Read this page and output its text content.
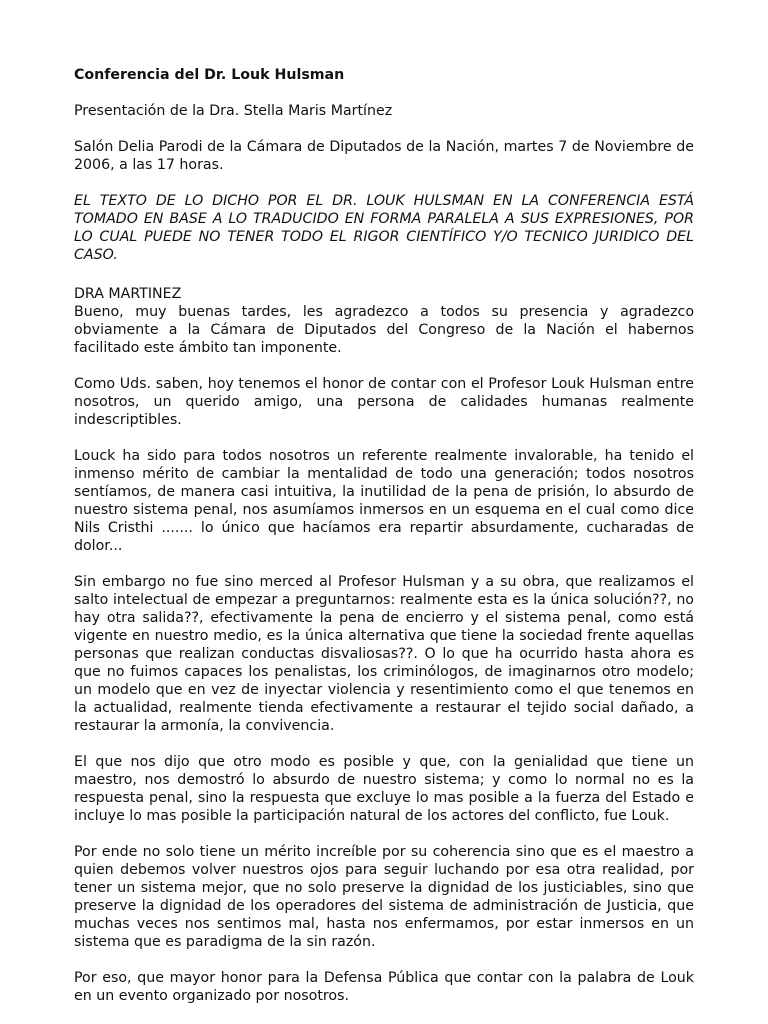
Conferencia del Dr. Louk Hulsman

Presentación de la Dra. Stella Maris Martínez

Salón Delia Parodi de la Cámara de Diputados de la Nación, martes 7 de Noviembre de 2006, a las 17 horas.

EL TEXTO DE LO DICHO POR EL DR. LOUK HULSMAN EN LA CONFERENCIA ESTÁ TOMADO EN BASE A LO TRADUCIDO EN FORMA PARALELA A SUS EXPRESIONES, POR LO CUAL PUEDE NO TENER TODO EL RIGOR CIENTÍFICO Y/O TECNICO JURIDICO DEL CASO.

DRA MARTINEZ

Bueno, muy buenas tardes, les agradezco a todos su presencia y agradezco obviamente a la Cámara de Diputados del Congreso de la Nación el habernos facilitado este ámbito tan imponente.

Como Uds. saben, hoy tenemos el honor de contar con el Profesor Louk Hulsman entre nosotros, un querido amigo, una persona de calidades humanas realmente indescriptibles.

Louck ha sido para todos nosotros un referente realmente invalorable, ha tenido el inmenso mérito de cambiar la mentalidad de todo una generación; todos nosotros sentíamos, de manera casi intuitiva, la inutilidad de la pena de prisión, lo absurdo de nuestro sistema penal, nos asumíamos inmersos en un esquema en el cual como dice Nils Cristhi ....... lo único que hacíamos era repartir absurdamente, cucharadas de dolor...

Sin embargo no fue sino merced al Profesor Hulsman y a su obra, que realizamos el salto intelectual de empezar a preguntarnos: realmente esta es la única solución??, no hay otra salida??, efectivamente la pena de encierro y el sistema penal, como está vigente en nuestro medio, es la única alternativa que tiene la sociedad frente aquellas personas que realizan conductas disvaliosas??. O lo que ha ocurrido hasta ahora es que no fuimos capaces los penalistas, los criminólogos, de imaginarnos otro modelo; un modelo que en vez de inyectar violencia y resentimiento como el que tenemos en la actualidad, realmente tienda efectivamente a restaurar el tejido social dañado, a restaurar la armonía, la convivencia.

El que nos dijo que otro modo es posible y que, con la genialidad que tiene un maestro, nos demostró lo absurdo de nuestro sistema; y como lo normal no es la respuesta penal, sino la respuesta que excluye lo mas posible a la fuerza del Estado e incluye lo mas posible la participación natural de los actores del conflicto, fue Louk.

Por ende no solo tiene un mérito increíble por su coherencia sino que es el maestro a quien debemos volver nuestros ojos para seguir luchando por esa otra realidad, por tener un sistema mejor, que no solo preserve la dignidad de los justiciables, sino que preserve la dignidad de los operadores del sistema de administración de Justicia, que muchas veces nos sentimos mal, hasta nos enfermamos, por estar inmersos en un sistema que es paradigma de la sin razón.

Por eso, que mayor honor para la Defensa Pública que contar con la palabra de Louk en un evento organizado por nosotros.
